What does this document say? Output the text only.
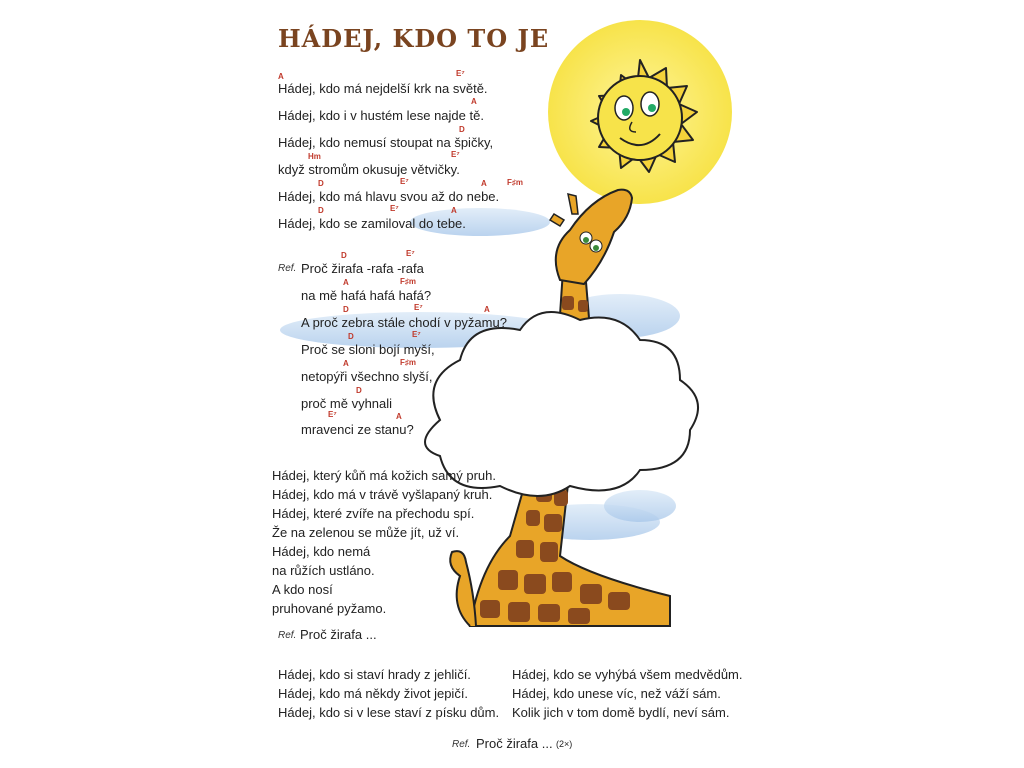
HÁDEJ, KDO TO JE
A	E⁷
A
D
Hm	E⁷
D	E⁷	A	F♯m
D	E⁷	A
Hádej, kdo má nejdelší krk na světě.
Hádej, kdo i v hustém lese najde tě.
Hádej, kdo nemusí stoupat na špičky,
když stromům okusuje větvičky.
Hádej, kdo má hlavu svou až do nebe.
Hádej, kdo se zamiloval do tebe.
Ref.
D	E⁷
A	F♯m
D	E⁷	A
D	E⁷
A	F♯m
D
E⁷	A
Proč žirafa -rafa -rafa
na mě hafá hafá hafá?
A proč zebra stále chodí v pyžamu?
Proč se sloni bojí myší,
netopýři všechno slyší,
proč mě vyhnali
mravenci ze stanu?
Hádej, který kůň má kožich samý pruh.
Hádej, kdo má v trávě vyšlapaný kruh.
Hádej, které zvíře na přechodu spí.
Že na zelenou se může jít, už ví.
Hádej, kdo nemá
na růžích ustláno.
A kdo nosí
pruhované pyžamo.
Ref. Proč žirafa ...
Hádej, kdo si staví hrady z jehličí.
Hádej, kdo má někdy život jepičí.
Hádej, kdo si v lese staví z písku dům.
Hádej, kdo se vyhýbá všem medvědům.
Hádej, kdo unese víc, než váží sám.
Kolik jich v tom domě bydlí, neví sám.
Ref. Proč žirafa ... (2×)
